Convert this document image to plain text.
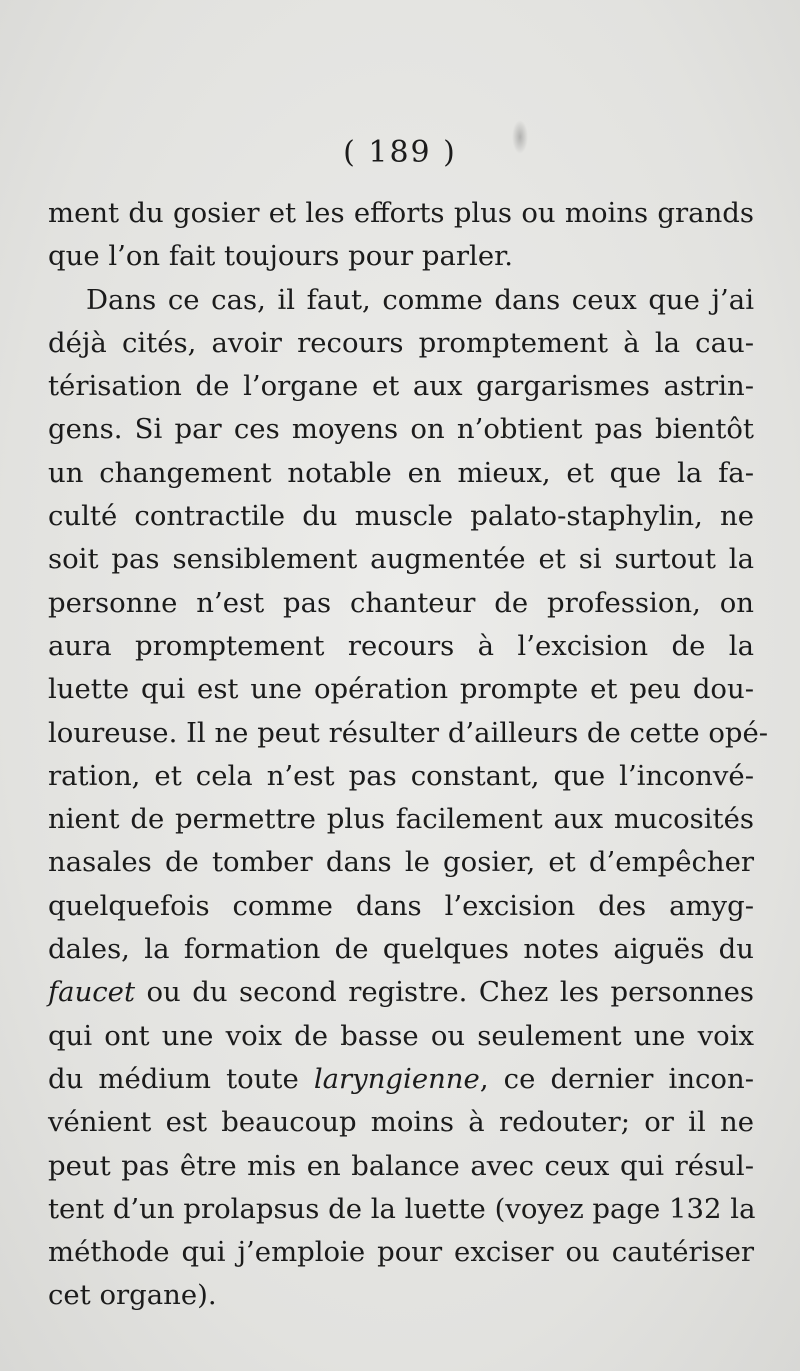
( 189 )
ment du gosier et les efforts plus ou moins grands
que l’on fait toujours pour parler.
Dans ce cas, il faut, comme dans ceux que j’ai
déjà cités, avoir recours promptement à la cau-
térisation de l’organe et aux gargarismes astrin-
gens. Si par ces moyens on n’obtient pas bientôt
un changement notable en mieux, et que la fa-
culté contractile du muscle palato-staphylin, ne
soit pas sensiblement augmentée et si surtout la
personne n’est pas chanteur de profession, on
aura promptement recours à l’excision de la
luette qui est une opération prompte et peu dou-
loureuse. Il ne peut résulter d’ailleurs de cette opé-
ration, et cela n’est pas constant, que l’inconvé-
nient de permettre plus facilement aux mucosités
nasales de tomber dans le gosier, et d’empêcher
quelquefois comme dans l’excision des amyg-
dales, la formation de quelques notes aiguës du
faucet ou du second registre. Chez les personnes
qui ont une voix de basse ou seulement une voix
du médium toute laryngienne, ce dernier incon-
vénient est beaucoup moins à redouter; or il ne
peut pas être mis en balance avec ceux qui résul-
tent d’un prolapsus de la luette (voyez page 132 la
méthode qui j’emploie pour exciser ou cautériser
cet organe).
